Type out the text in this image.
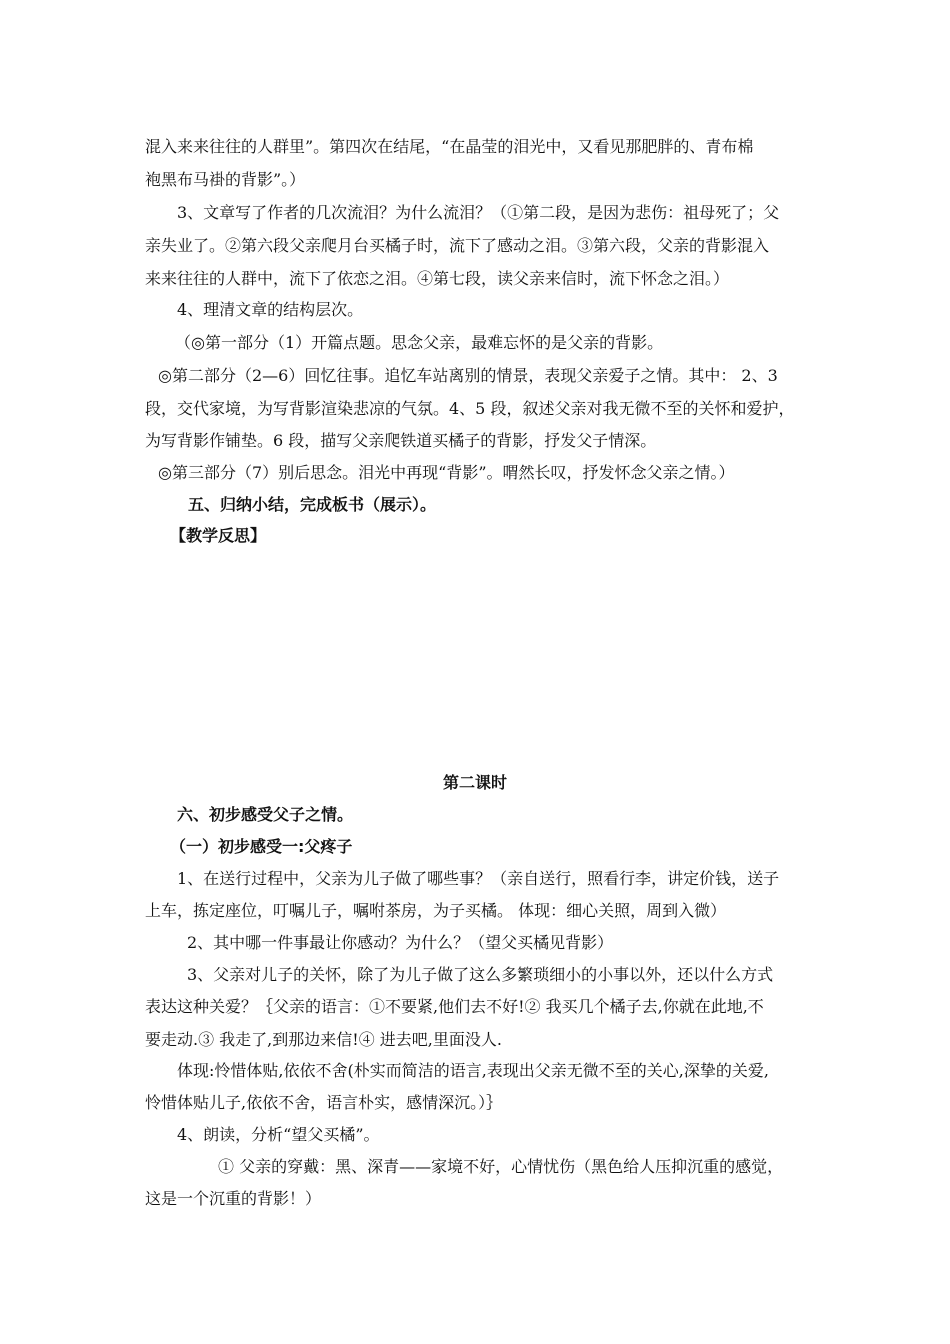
混入来来往往的人群里”。第四次在结尾，“在晶莹的泪光中，又看见那肥胖的、青布棉
袍黑布马褂的背影”。）
3、文章写了作者的几次流泪？为什么流泪？（①第二段，是因为悲伤：祖母死了；父
亲失业了。②第六段父亲爬月台买橘子时，流下了感动之泪。③第六段，父亲的背影混入
来来往往的人群中，流下了依恋之泪。④第七段，读父亲来信时，流下怀念之泪。）
4、理清文章的结构层次。
（◎第一部分（1）开篇点题。思念父亲，最难忘怀的是父亲的背影。
◎第二部分（2—6）回忆往事。追忆车站离别的情景，表现父亲爱子之情。其中： 2、3
段，交代家境，为写背影渲染悲凉的气氛。4、5 段，叙述父亲对我无微不至的关怀和爱护，
为写背影作铺垫。6 段，描写父亲爬铁道买橘子的背影，抒发父子情深。
◎第三部分（7）别后思念。泪光中再现“背影”。喟然长叹，抒发怀念父亲之情。）
五、归纳小结，完成板书（展示）。
【教学反思】
第二课时
六、初步感受父子之情。
（一）初步感受一:父疼子
1、在送行过程中，父亲为儿子做了哪些事？（亲自送行，照看行李，讲定价钱，送子
上车，拣定座位，叮嘱儿子，嘱咐茶房，为子买橘。 体现：细心关照，周到入微）
2、其中哪一件事最让你感动？为什么？（望父买橘见背影）
3、父亲对儿子的关怀，除了为儿子做了这么多繁琐细小的小事以外，还以什么方式
表达这种关爱？｛父亲的语言：①不要紧,他们去不好!② 我买几个橘子去,你就在此地,不
要走动.③ 我走了,到那边来信!④ 进去吧,里面没人.
体现:怜惜体贴,依依不舍(朴实而简洁的语言,表现出父亲无微不至的关心,深挚的关爱,
怜惜体贴儿子,依依不舍，语言朴实，感情深沉。）｝
4、朗读，分析“望父买橘”。
① 父亲的穿戴：黑、深青——家境不好，心情忧伤（黑色给人压抑沉重的感觉，
这是一个沉重的背影！）
